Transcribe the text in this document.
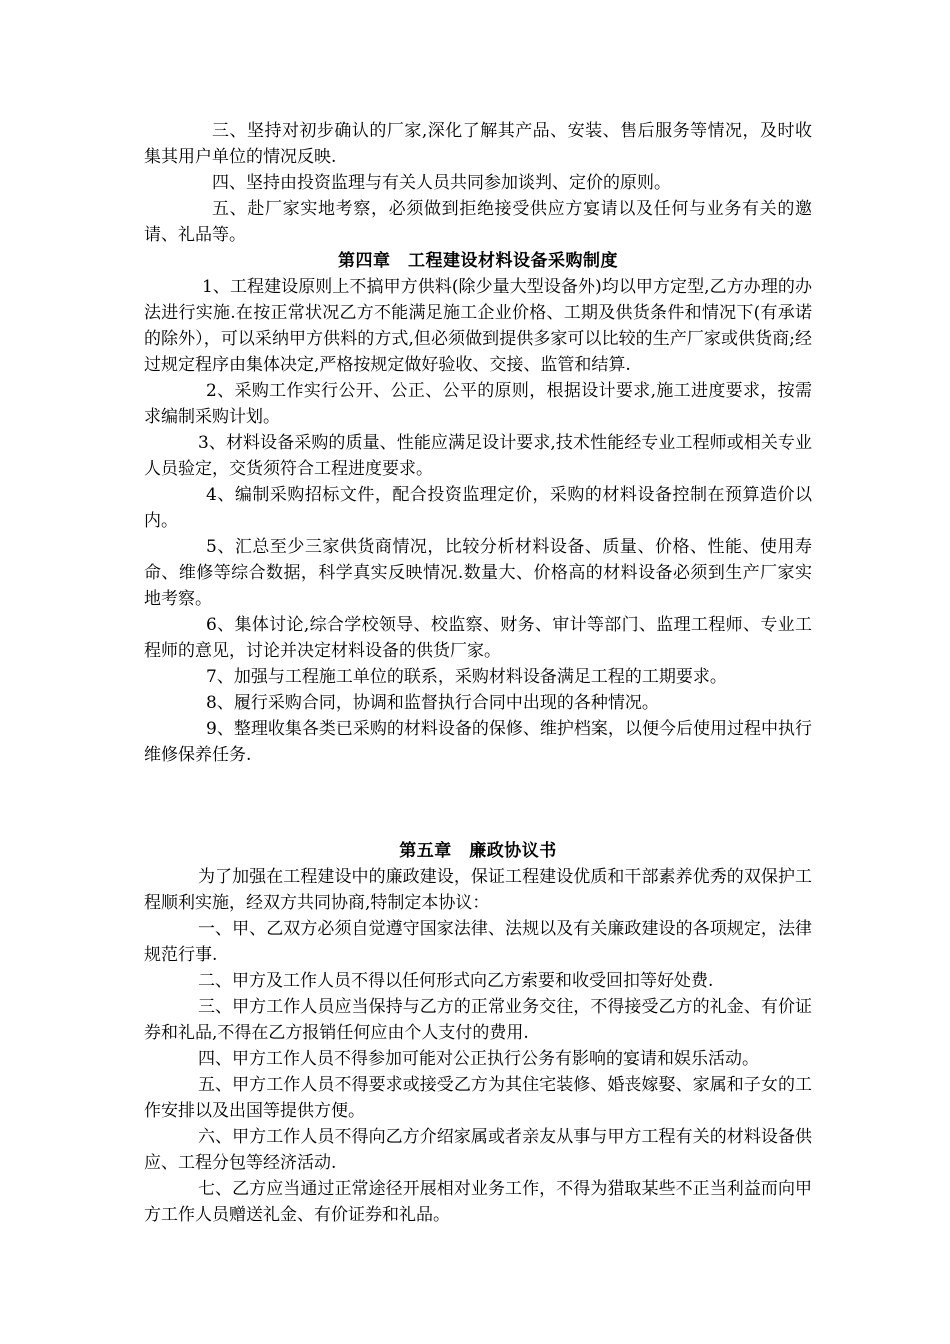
三、坚持对初步确认的厂家,深化了解其产品、安装、售后服务等情况，及时收集其用户单位的情况反映.

四、坚持由投资监理与有关人员共同参加谈判、定价的原则。

五、赴厂家实地考察，必须做到拒绝接受供应方宴请以及任何与业务有关的邀请、礼品等。

第四章　工程建设材料设备采购制度

1、工程建设原则上不搞甲方供料(除少量大型设备外)均以甲方定型,乙方办理的办法进行实施.在按正常状况乙方不能满足施工企业价格、工期及供货条件和情况下(有承诺的除外），可以采纳甲方供料的方式,但必须做到提供多家可以比较的生产厂家或供货商;经过规定程序由集体决定,严格按规定做好验收、交接、监管和结算.

2、采购工作实行公开、公正、公平的原则，根据设计要求,施工进度要求，按需求编制采购计划。

3、材料设备采购的质量、性能应满足设计要求,技术性能经专业工程师或相关专业人员验定，交货须符合工程进度要求。

4、编制采购招标文件，配合投资监理定价，采购的材料设备控制在预算造价以内。

5、汇总至少三家供货商情况，比较分析材料设备、质量、价格、性能、使用寿命、维修等综合数据，科学真实反映情况.数量大、价格高的材料设备必须到生产厂家实地考察。

6、集体讨论,综合学校领导、校监察、财务、审计等部门、监理工程师、专业工程师的意见，讨论并决定材料设备的供货厂家。

7、加强与工程施工单位的联系，采购材料设备满足工程的工期要求。

8、履行采购合同，协调和监督执行合同中出现的各种情况。

9、整理收集各类已采购的材料设备的保修、维护档案，以便今后使用过程中执行维修保养任务.

第五章　廉政协议书

为了加强在工程建设中的廉政建设，保证工程建设优质和干部素养优秀的双保护工程顺利实施，经双方共同协商,特制定本协议：

一、甲、乙双方必须自觉遵守国家法律、法规以及有关廉政建设的各项规定，法律规范行事.

二、甲方及工作人员不得以任何形式向乙方索要和收受回扣等好处费.

三、甲方工作人员应当保持与乙方的正常业务交往，不得接受乙方的礼金、有价证券和礼品,不得在乙方报销任何应由个人支付的费用.

四、甲方工作人员不得参加可能对公正执行公务有影响的宴请和娱乐活动。

五、甲方工作人员不得要求或接受乙方为其住宅装修、婚丧嫁娶、家属和子女的工作安排以及出国等提供方便。

六、甲方工作人员不得向乙方介绍家属或者亲友从事与甲方工程有关的材料设备供应、工程分包等经济活动.

七、乙方应当通过正常途径开展相对业务工作，不得为猎取某些不正当利益而向甲方工作人员赠送礼金、有价证券和礼品。
